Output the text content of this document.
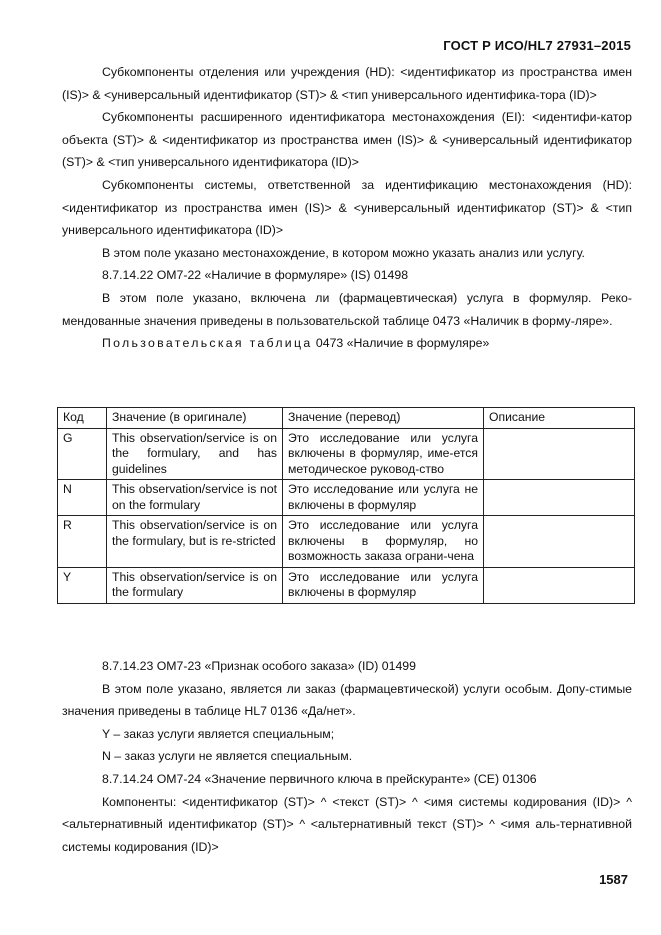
ГОСТ Р ИСО/HL7 27931–2015

Субкомпоненты отделения или учреждения (HD): <идентификатор из пространства имен (IS)> & <универсальный идентификатор (ST)> & <тип универсального идентифика-тора (ID)>

Субкомпоненты расширенного идентификатора местонахождения (EI): <идентифи-катор объекта (ST)> & <идентификатор из пространства имен (IS)> & <универсальный идентификатор (ST)> & <тип универсального идентификатора (ID)>

Субкомпоненты системы, ответственной за идентификацию местонахождения (HD): <идентификатор из пространства имен (IS)> & <универсальный идентификатор (ST)> & <тип универсального идентификатора (ID)>

В этом поле указано местонахождение, в котором можно указать анализ или услугу.

8.7.14.22 OM7-22 «Наличие в формуляре» (IS) 01498

В этом поле указано, включена ли (фармацевтическая) услуга в формуляр. Реко-мендованные значения приведены в пользовательской таблице 0473 «Наличик в форму-ляре».

Пользовательская таблица 0473 «Наличие в формуляре»

Код	Значение (в оригинале)	Значение (перевод)	Описание
G	This observation/service is on the formulary, and has guidelines	Это исследование или услуга включены в формуляр, име-ется методическое руковод-ство	
N	This observation/service is not on the formulary	Это исследование или услуга не включены в формуляр	
R	This observation/service is on the formulary, but is re-stricted	Это исследование или услуга включены в формуляр, но возможность заказа ограни-чена	
Y	This observation/service is on the formulary	Это исследование или услуга включены в формуляр	

8.7.14.23 OM7-23 «Признак особого заказа» (ID) 01499

В этом поле указано, является ли заказ (фармацевтической) услуги особым. Допу-стимые значения приведены в таблице HL7 0136 «Да/нет».

Y – заказ услуги является специальным;

N – заказ услуги не является специальным.

8.7.14.24 OM7-24 «Значение первичного ключа в прейскуранте» (CE) 01306

Компоненты: <идентификатор (ST)> ^ <текст (ST)> ^ <имя системы кодирования (ID)> ^ <альтернативный идентификатор (ST)> ^ <альтернативный текст (ST)> ^ <имя аль-тернативной системы кодирования (ID)>

1587
